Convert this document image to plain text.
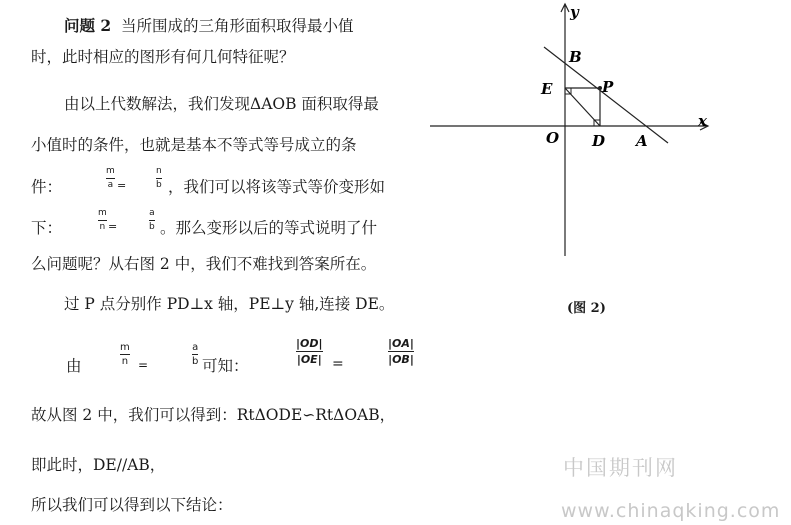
问题 2 当所围成的三角形面积取得最小值
时，此时相应的图形有何几何特征呢？
由以上代数解法，我们发现ΔAOB 面积取得最
小值时的条件，也就是基本不等式等号成立的条
件：	，我们可以将该等式等价变形如
下：	。那么变形以后的等式说明了什
么问题呢？从右图 2 中，我们不难找到答案所在。
过 P 点分别作 PD⊥x 轴，PE⊥y 轴,连接 DE。
由
故从图 2 中，我们可以得到：RtΔODE∽RtΔOAB，
即此时，DE//AB，
所以我们可以得到以下结论：
m
a =
n
b
m
n =
a
b
m
n =
a
b 可知：
|OD|
|OE| =
|OA|
|OB|
y
x
B
E	P
O D A
(图 2)
中国期刊网
www.chinaqking.com
